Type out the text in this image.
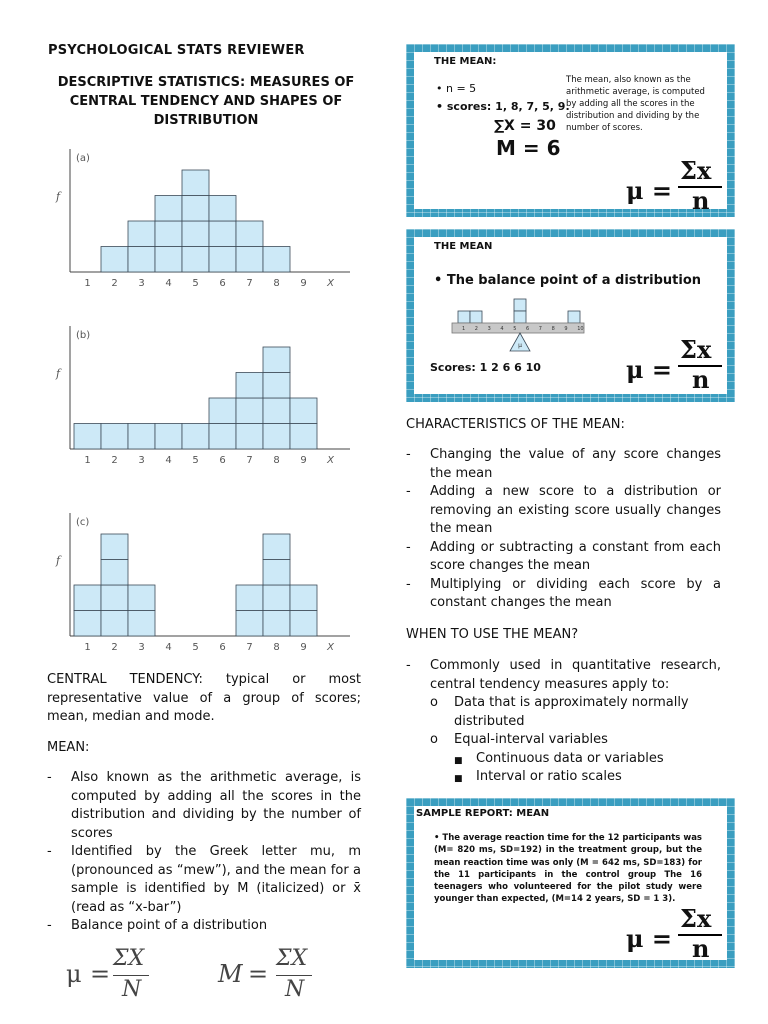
PSYCHOLOGICAL STATS REVIEWER
DESCRIPTIVE STATISTICS: MEASURES OF CENTRAL TENDENCY AND SHAPES OF DISTRIBUTION
(a)
f
1 2 3 4 5 6 7 8 9 X
(b)
f
1 2 3 4 5 6 7 8 9 X
(c)
f
1 2 3 4 5 6 7 8 9 X
CENTRAL TENDENCY: typical or most representative value of a group of scores; mean, median and mode.
MEAN:
- Also known as the arithmetic average, is computed by adding all the scores in the distribution and dividing by the number of scores
- Identified by the Greek letter mu, m (pronounced as “mew”), and the mean for a sample is identified by M (italicized) or x̄ (read as “x-bar”)
- Balance point of a distribution
μ =
ΣX
N
M =
ΣX
N
THE MEAN:
• n = 5
• scores: 1, 8, 7, 5, 9.
∑X = 30
M = 6
The mean, also known as the arithmetic average, is computed by adding all the scores in the distribution and dividing by the number of scores.
μ =
Σx
n
THE MEAN
• The balance point of a distribution
1 2 3 4 5 6 7 8 9 10
μ
Scores: 1 2 6 6 10	μ =
Σx
n
CHARACTERISTICS OF THE MEAN:
- Changing the value of any score changes the mean
- Adding a new score to a distribution or removing an existing score usually changes the mean
- Adding or subtracting a constant from each score changes the mean
- Multiplying or dividing each score by a constant changes the mean
WHEN TO USE THE MEAN?
- Commonly used in quantitative research, central tendency measures apply to:
o Data that is approximately normally distributed
o Equal-interval variables
■ Continuous data or variables
■ Interval or ratio scales
SAMPLE REPORT: MEAN
• The average reaction time for the 12 participants was (M= 820 ms, SD=192) in the treatment group, but the mean reaction time was only (M = 642 ms, SD=183) for the 11 participants in the control group The 16 teenagers who volunteered for the pilot study were younger than expected, (M=14 2 years, SD = 1 3).
μ =
Σx
n
